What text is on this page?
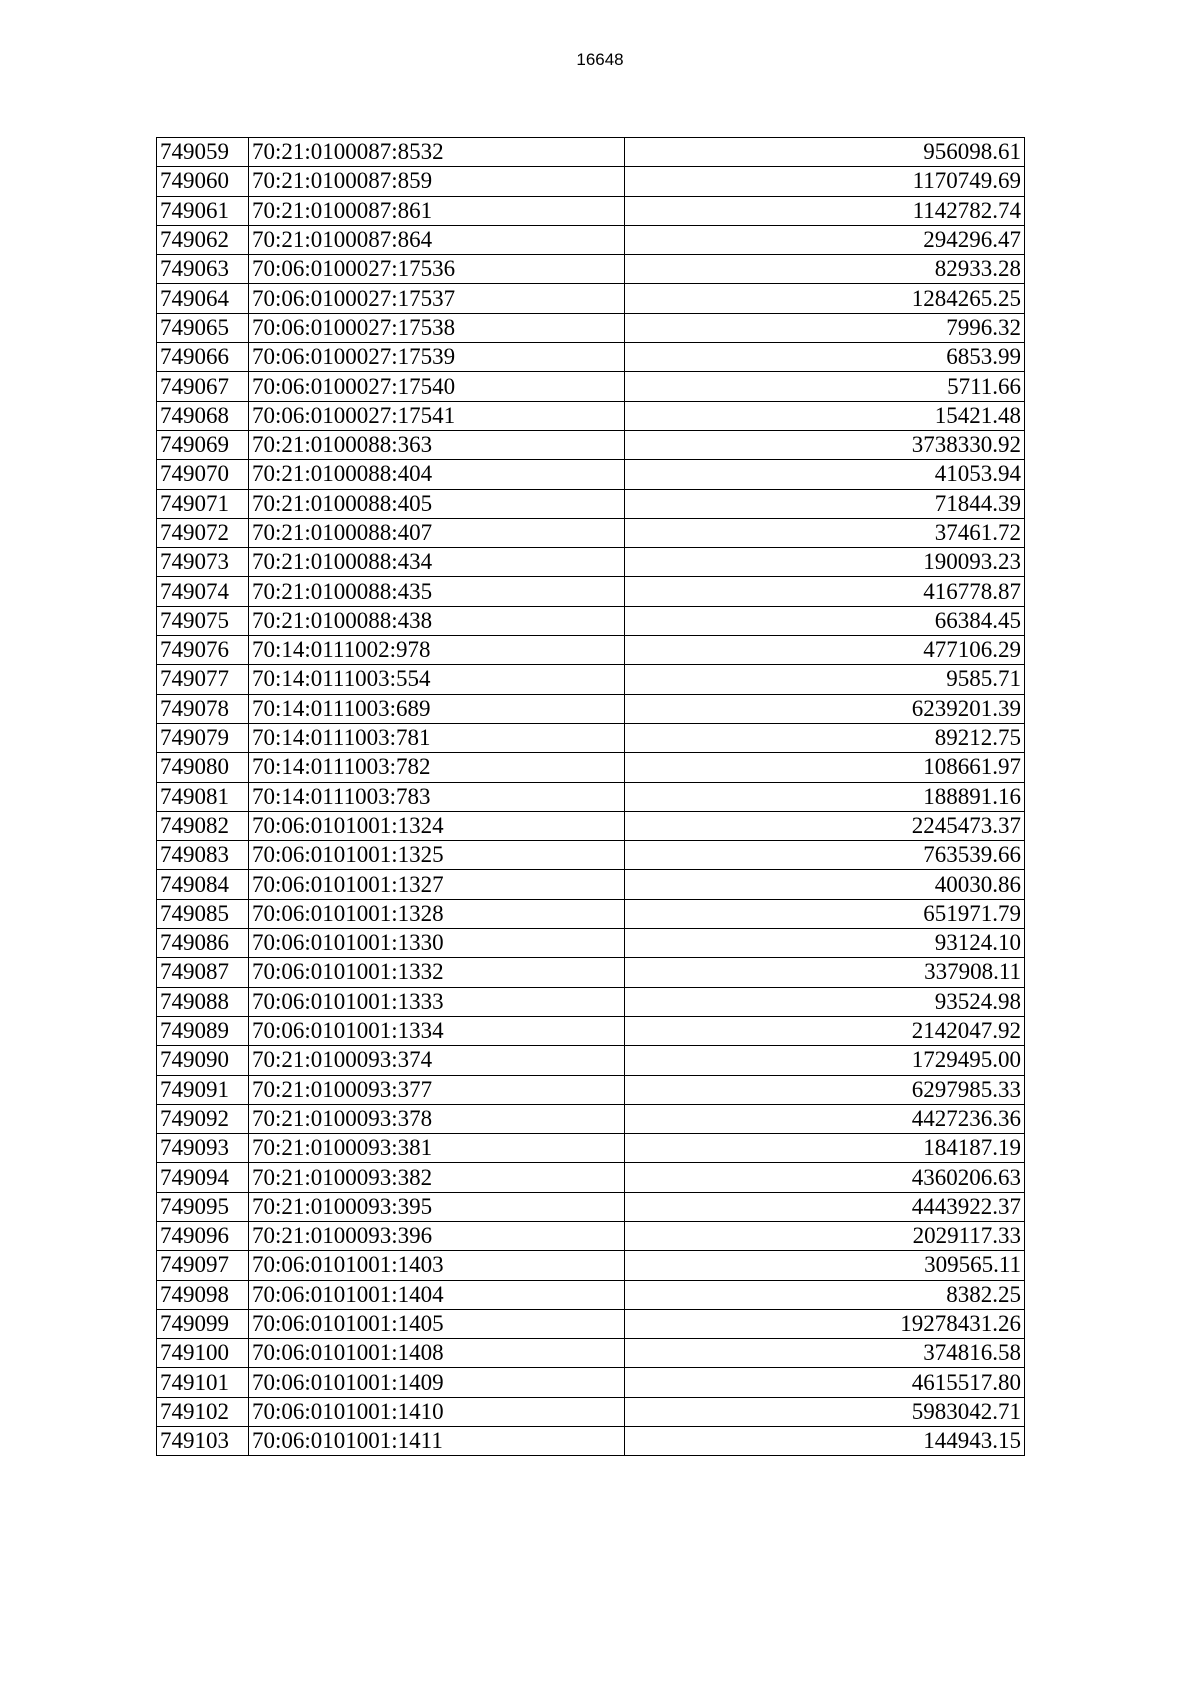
16648
749059	70:21:0100087:8532	956098.61
749060	70:21:0100087:859	1170749.69
749061	70:21:0100087:861	1142782.74
749062	70:21:0100087:864	294296.47
749063	70:06:0100027:17536	82933.28
749064	70:06:0100027:17537	1284265.25
749065	70:06:0100027:17538	7996.32
749066	70:06:0100027:17539	6853.99
749067	70:06:0100027:17540	5711.66
749068	70:06:0100027:17541	15421.48
749069	70:21:0100088:363	3738330.92
749070	70:21:0100088:404	41053.94
749071	70:21:0100088:405	71844.39
749072	70:21:0100088:407	37461.72
749073	70:21:0100088:434	190093.23
749074	70:21:0100088:435	416778.87
749075	70:21:0100088:438	66384.45
749076	70:14:0111002:978	477106.29
749077	70:14:0111003:554	9585.71
749078	70:14:0111003:689	6239201.39
749079	70:14:0111003:781	89212.75
749080	70:14:0111003:782	108661.97
749081	70:14:0111003:783	188891.16
749082	70:06:0101001:1324	2245473.37
749083	70:06:0101001:1325	763539.66
749084	70:06:0101001:1327	40030.86
749085	70:06:0101001:1328	651971.79
749086	70:06:0101001:1330	93124.10
749087	70:06:0101001:1332	337908.11
749088	70:06:0101001:1333	93524.98
749089	70:06:0101001:1334	2142047.92
749090	70:21:0100093:374	1729495.00
749091	70:21:0100093:377	6297985.33
749092	70:21:0100093:378	4427236.36
749093	70:21:0100093:381	184187.19
749094	70:21:0100093:382	4360206.63
749095	70:21:0100093:395	4443922.37
749096	70:21:0100093:396	2029117.33
749097	70:06:0101001:1403	309565.11
749098	70:06:0101001:1404	8382.25
749099	70:06:0101001:1405	19278431.26
749100	70:06:0101001:1408	374816.58
749101	70:06:0101001:1409	4615517.80
749102	70:06:0101001:1410	5983042.71
749103	70:06:0101001:1411	144943.15
